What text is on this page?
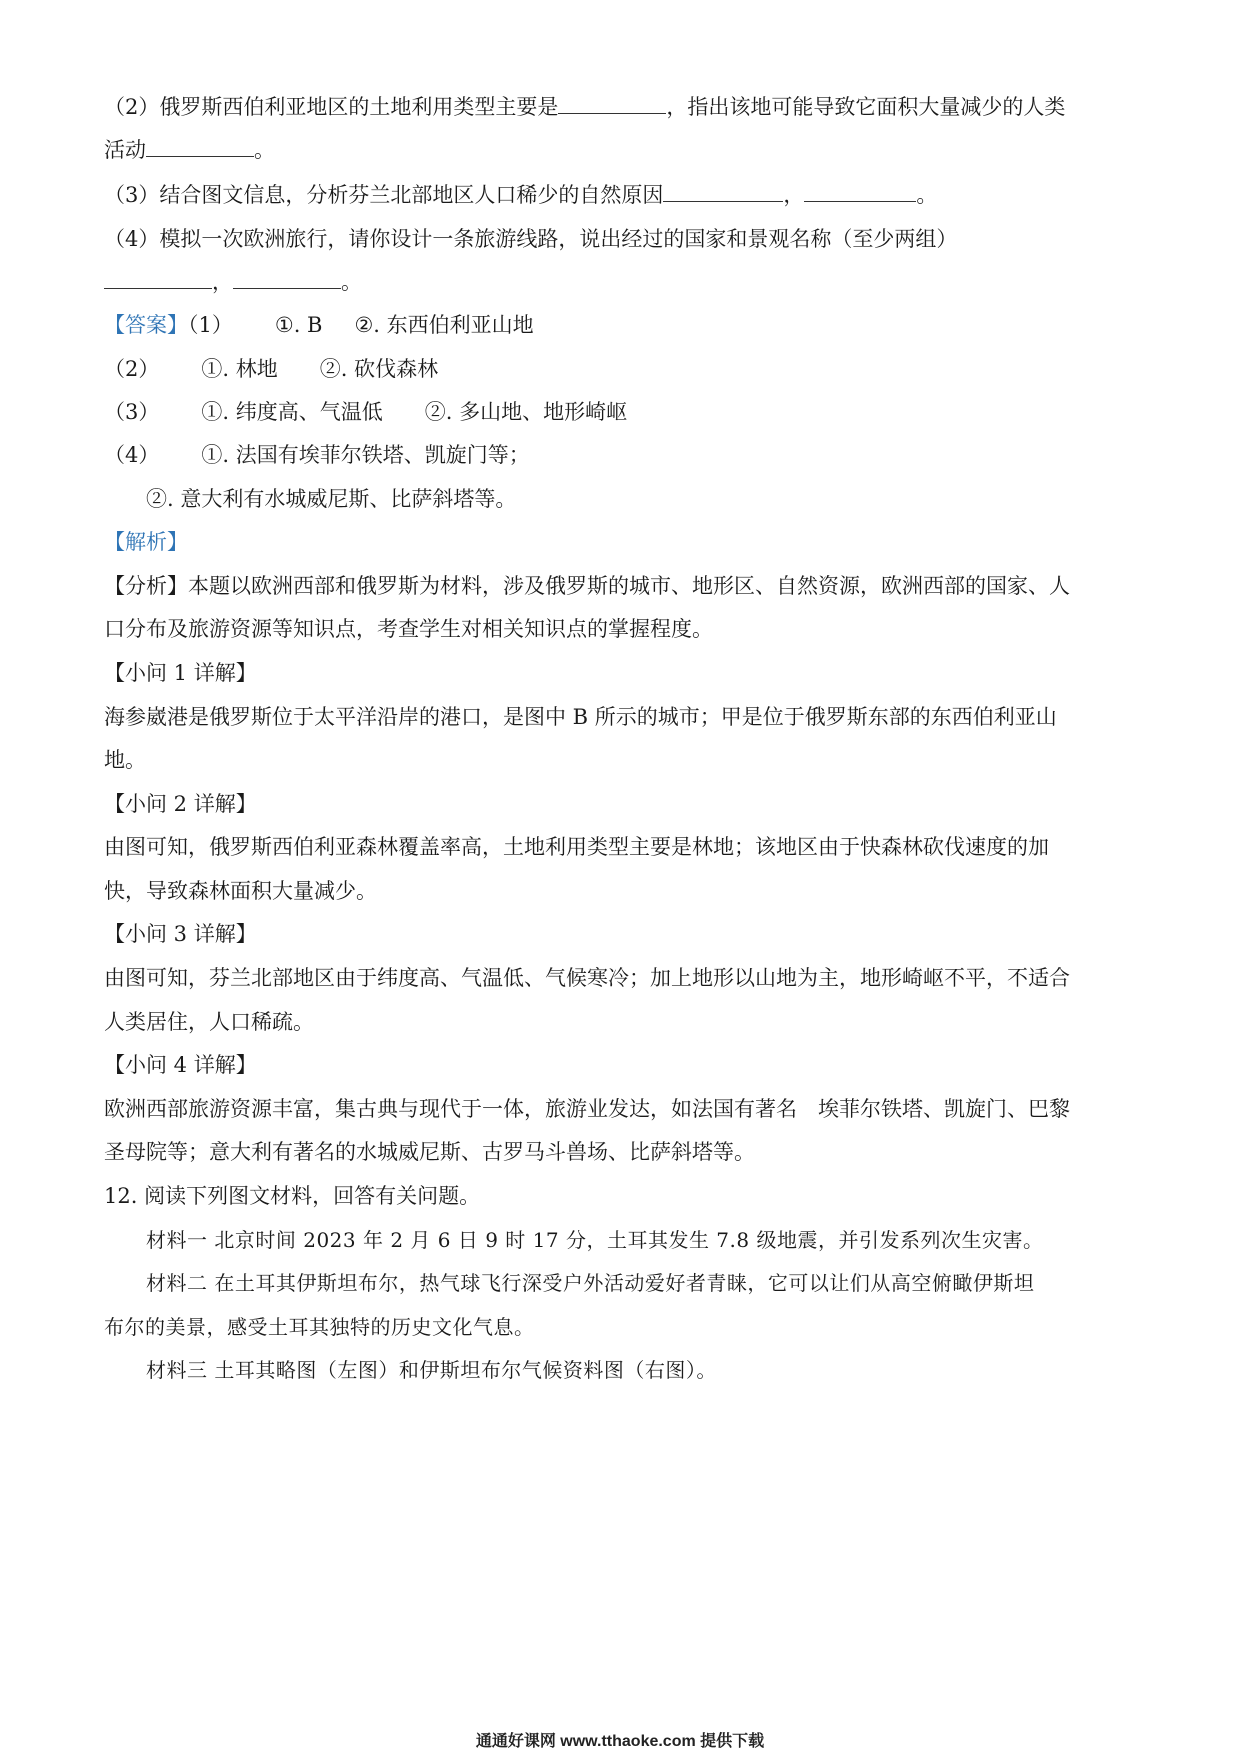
（2）俄罗斯西伯利亚地区的土地利用类型主要是	，指出该地可能导致它面积大量减少的人类
活动	。
（3）结合图文信息，分析芬兰北部地区人口稀少的自然原因	，	。
（4）模拟一次欧洲旅行，请你设计一条旅游线路，说出经过的国家和景观名称（至少两组）
，	。
【答案】（1） ①. B ②. 东西伯利亚山地
（2） ①. 林地 ②. 砍伐森林
（3） ①. 纬度高、气温低 ②. 多山地、地形崎岖
（4） ①. 法国有埃菲尔铁塔、凯旋门等；
②. 意大利有水城威尼斯、比萨斜塔等。
【解析】
【分析】本题以欧洲西部和俄罗斯为材料，涉及俄罗斯的城市、地形区、自然资源，欧洲西部的国家、人
口分布及旅游资源等知识点，考查学生对相关知识点的掌握程度。
【小问 1 详解】
海参崴港是俄罗斯位于太平洋沿岸的港口，是图中 B 所示的城市；甲是位于俄罗斯东部的东西伯利亚山
地。
【小问 2 详解】
由图可知，俄罗斯西伯利亚森林覆盖率高，土地利用类型主要是林地；该地区由于快森林砍伐速度的加
快，导致森林面积大量减少。
【小问 3 详解】
由图可知，芬兰北部地区由于纬度高、气温低、气候寒冷；加上地形以山地为主，地形崎岖不平，不适合
人类居住，人口稀疏。
【小问 4 详解】
欧洲西部旅游资源丰富，集古典与现代于一体，旅游业发达，如法国有著名　埃菲尔铁塔、凯旋门、巴黎
圣母院等；意大利有著名的水城威尼斯、古罗马斗兽场、比萨斜塔等。
12. 阅读下列图文材料，回答有关问题。
材料一 北京时间 2023 年 2 月 6 日 9 时 17 分，土耳其发生 7.8 级地震，并引发系列次生灾害。
材料二 在土耳其伊斯坦布尔，热气球飞行深受户外活动爱好者青睐，它可以让们从高空俯瞰伊斯坦
布尔的美景，感受土耳其独特的历史文化气息。
材料三 土耳其略图（左图）和伊斯坦布尔气候资料图（右图）。
通通好课网 www.tthaoke.com 提供下载
